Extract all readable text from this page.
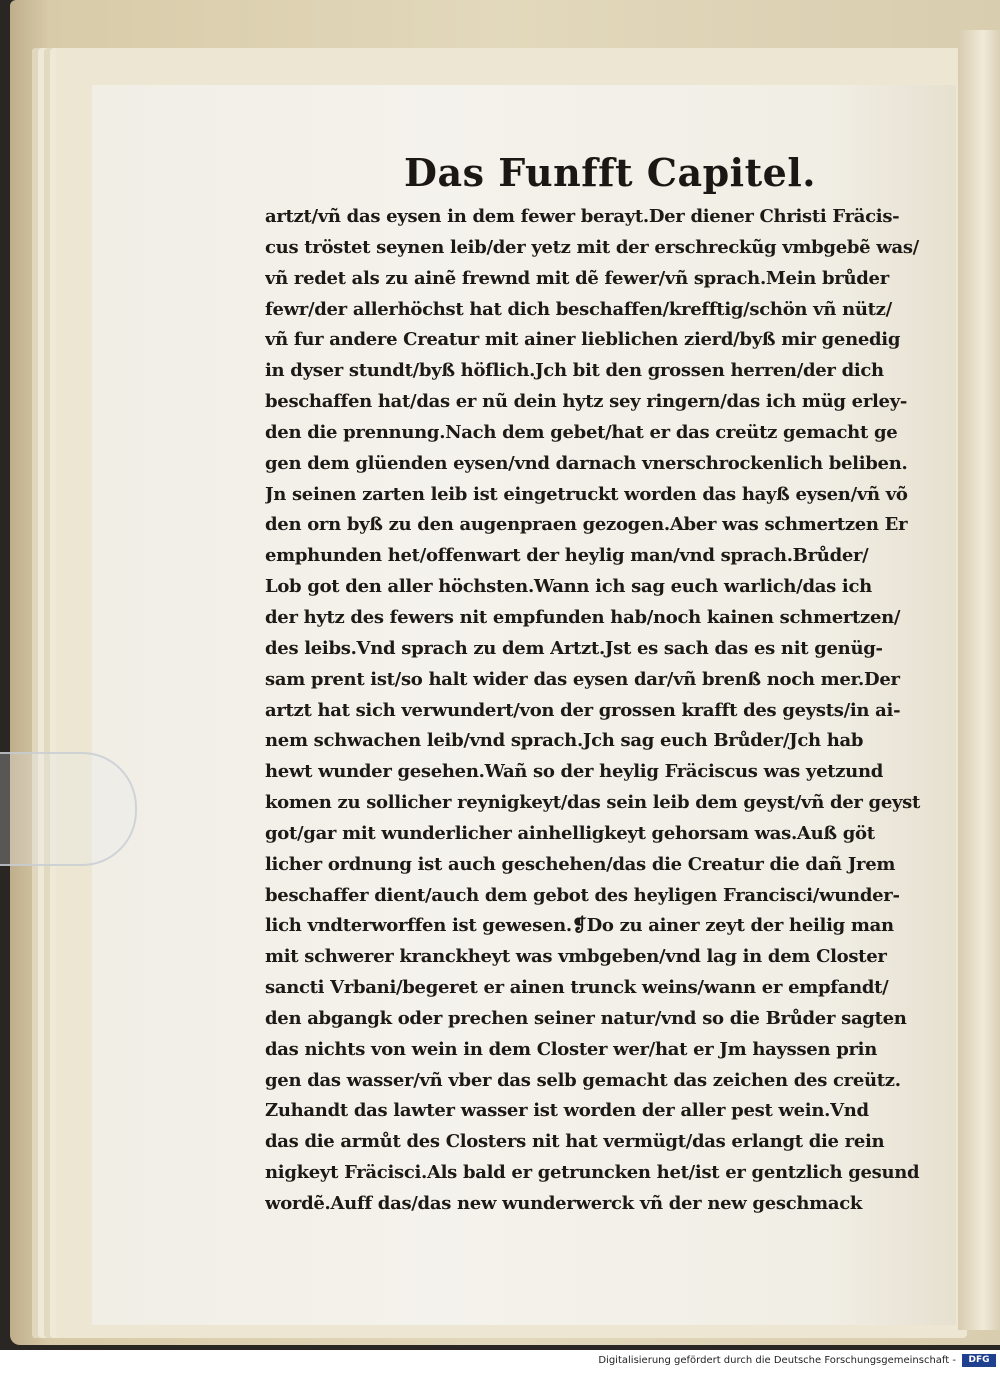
Das Funfft Capitel.
artzt/vñ das eysen in dem fewer berayt.Der diener Christi Fräcis-
cus tröstet seynen leib/der yetz mit der erschreckũg vmbgebẽ was/
vñ redet als zu ainẽ frewnd mit dẽ fewer/vñ sprach.Mein brůder
fewr/der allerhöchst hat dich beschaffen/krefftig/schön vñ nütz/
vñ fur andere Creatur mit ainer lieblichen zierd/byß mir genedig
in dyser stundt/byß höflich.Jch bit den grossen herren/der dich
beschaffen hat/das er nũ dein hytz sey ringern/das ich müg erley-
den die prennung.Nach dem gebet/hat er das creütz gemacht ge
gen dem glüenden eysen/vnd darnach vnerschrockenlich beliben.
Jn seinen zarten leib ist eingetruckt worden das hayß eysen/vñ võ
den orn byß zu den augenpraen gezogen.Aber was schmertzen Er
emphunden het/offenwart der heylig man/vnd sprach.Brůder/
Lob got den aller höchsten.Wann ich sag euch warlich/das ich
der hytz des fewers nit empfunden hab/noch kainen schmertzen/
des leibs.Vnd sprach zu dem Artzt.Jst es sach das es nit genüg-
sam prent ist/so halt wider das eysen dar/vñ brenß noch mer.Der
artzt hat sich verwundert/von der grossen krafft des geysts/in ai-
nem schwachen leib/vnd sprach.Jch sag euch Brůder/Jch hab
hewt wunder gesehen.Wañ so der heylig Fräciscus was yetzund
komen zu sollicher reynigkeyt/das sein leib dem geyst/vñ der geyst
got/gar mit wunderlicher ainhelligkeyt gehorsam was.Auß göt
licher ordnung ist auch geschehen/das die Creatur die dañ Jrem
beschaffer dient/auch dem gebot des heyligen Francisci/wunder-
lich vndterworffen ist gewesen.❡Do zu ainer zeyt der heilig man
mit schwerer kranckheyt was vmbgeben/vnd lag in dem Closter
sancti Vrbani/begeret er ainen trunck weins/wann er empfandt/
den abgangk oder prechen seiner natur/vnd so die Brůder sagten
das nichts von wein in dem Closter wer/hat er Jm hayssen prin
gen das wasser/vñ vber das selb gemacht das zeichen des creütz.
Zuhandt das lawter wasser ist worden der aller pest wein.Vnd
das die armůt des Closters nit hat vermügt/das erlangt die rein
nigkeyt Fräcisci.Als bald er getruncken het/ist er gentzlich gesund
wordẽ.Auff das/das new wunderwerck vñ der new geschmack
Digitalisierung gefördert durch die Deutsche Forschungsgemeinschaft -	DFG
